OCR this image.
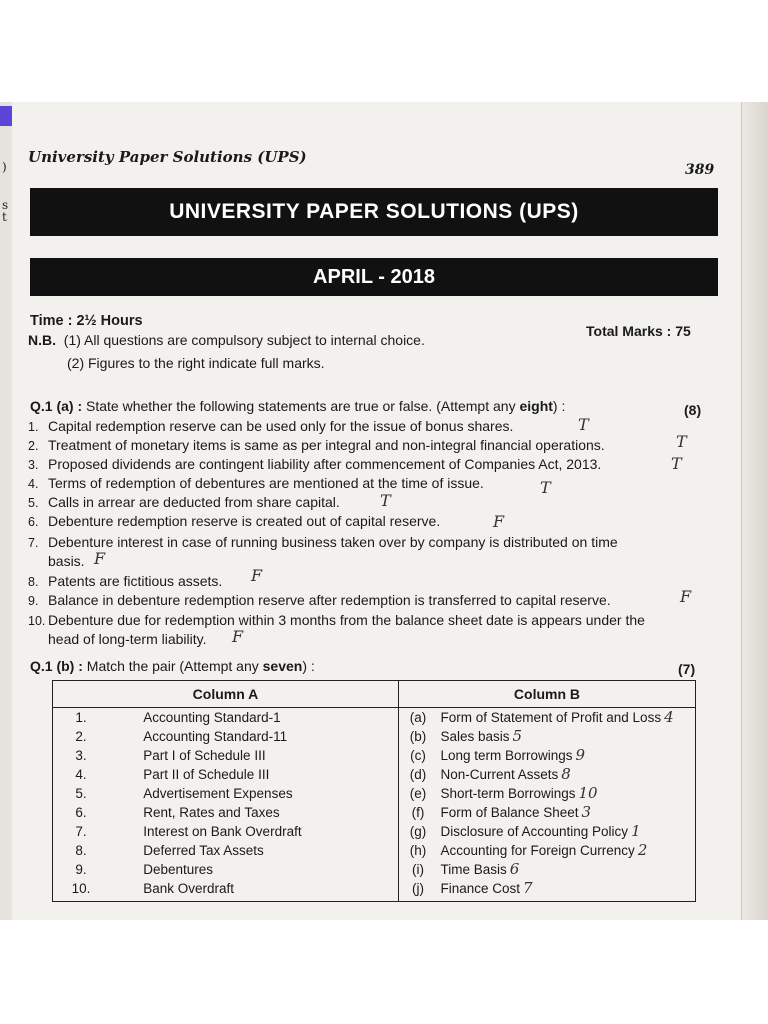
)
s
t
University Paper Solutions (UPS)
389
UNIVERSITY PAPER SOLUTIONS (UPS)
APRIL - 2018
Time : 2½ Hours
Total Marks : 75
N.B. (1) All questions are compulsory subject to internal choice.
(2) Figures to the right indicate full marks.
Q.1 (a) : State whether the following statements are true or false. (Attempt any eight) :	(8)
1. Capital redemption reserve can be used only for the issue of bonus shares.	T
2. Treatment of monetary items is same as per integral and non-integral financial operations.	T
3. Proposed dividends are contingent liability after commencement of Companies Act, 2013.	T
4. Terms of redemption of debentures are mentioned at the time of issue.	T
5. Calls in arrear are deducted from share capital.	T
6. Debenture redemption reserve is created out of capital reserve.	F
7. Debenture interest in case of running business taken over by company is distributed on time
basis. F
8. Patents are fictitious assets. F
9. Balance in debenture redemption reserve after redemption is transferred to capital reserve.	F
10. Debenture due for redemption within 3 months from the balance sheet date is appears under the
head of long-term liability. F
Q.1 (b) : Match the pair (Attempt any seven) :	(7)
Column A		Column B	
1.	Accounting Standard-1	(a)	Form of Statement of Profit and Loss 4
2.	Accounting Standard-11	(b)	Sales basis 5
3.	Part I of Schedule III	(c)	Long term Borrowings 9
4.	Part II of Schedule III	(d)	Non-Current Assets 8
5.	Advertisement Expenses	(e)	Short-term Borrowings 10
6.	Rent, Rates and Taxes	(f)	Form of Balance Sheet 3
7.	Interest on Bank Overdraft	(g)	Disclosure of Accounting Policy 1
8.	Deferred Tax Assets	(h)	Accounting for Foreign Currency 2
9.	Debentures	(i)	Time Basis 6
10.	Bank Overdraft	(j)	Finance Cost 7
